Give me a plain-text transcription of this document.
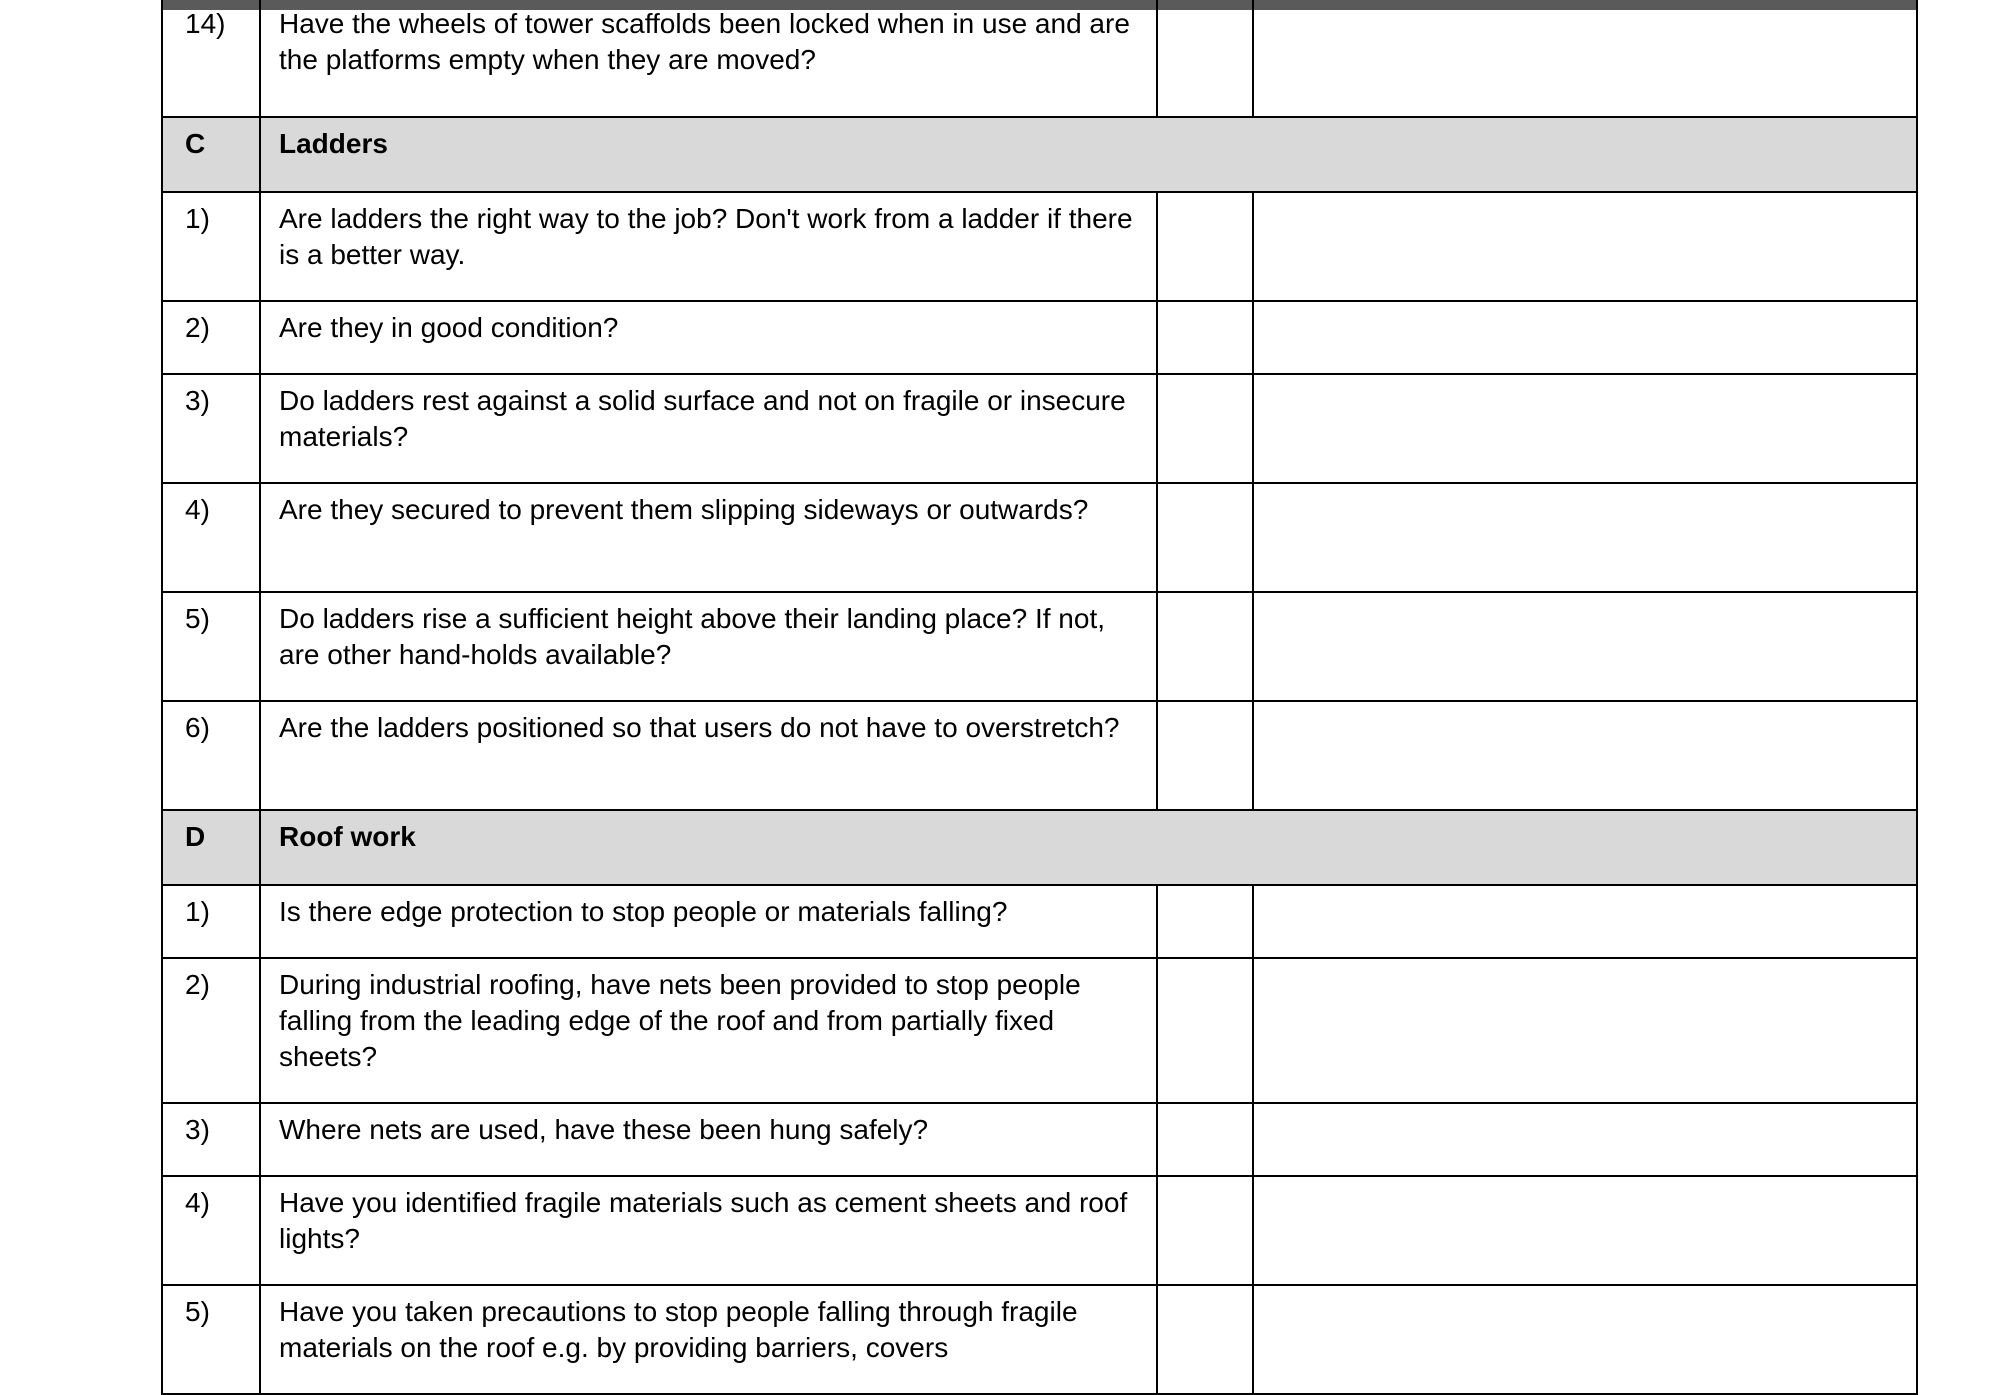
14)	Have the wheels of tower scaffolds been locked when in use and are the platforms empty when they are moved?		
C	Ladders		
1)	Are ladders the right way to the job? Don't work from a ladder if there is a better way.		
2)	Are they in good condition?		
3)	Do ladders rest against a solid surface and not on fragile or insecure materials?		
4)	Are they secured to prevent them slipping sideways or outwards?		
5)	Do ladders rise a sufficient height above their landing place? If not, are other hand-holds available?		
6)	Are the ladders positioned so that users do not have to overstretch?		
D	Roof work		
1)	Is there edge protection to stop people or materials falling?		
2)	During industrial roofing, have nets been provided to stop people falling from the leading edge of the roof and from partially fixed sheets?		
3)	Where nets are used, have these been hung safely?		
4)	Have you identified fragile materials such as cement sheets and roof lights?		
5)	Have you taken precautions to stop people falling through fragile materials on the roof e.g. by providing barriers, covers		
